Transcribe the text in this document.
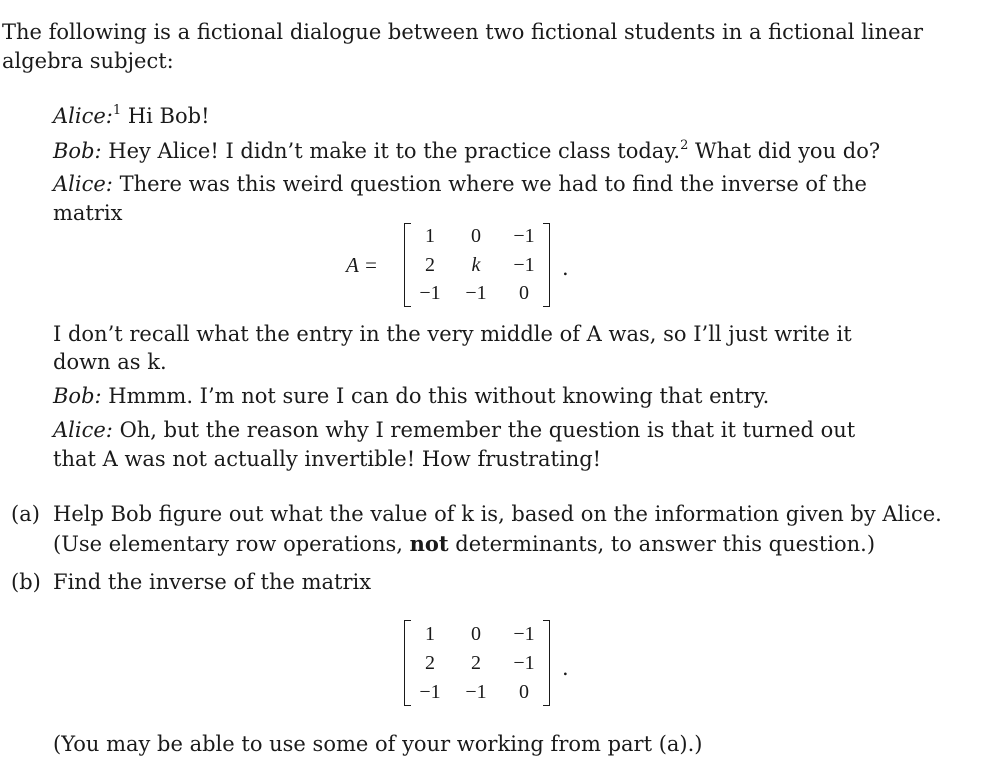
The following is a fictional dialogue between two fictional students in a fictional linear
algebra subject:
Alice:$^1$ Hi Bob!
Bob: Hey Alice! I didn’t make it to the practice class today.$^2$ What did you do?
Alice: There was this weird question where we had to find the inverse of the
matrix
A =
1	0	−1
2	k	−1
−1	−1	0
.
I don’t recall what the entry in the very middle of A was, so I’ll just write it
down as k.
Bob: Hmmm. I’m not sure I can do this without knowing that entry.
Alice: Oh, but the reason why I remember the question is that it turned out
that A was not actually invertible! How frustrating!
(a) Help Bob figure out what the value of k is, based on the information given by Alice.
(Use elementary row operations, not determinants, to answer this question.)
(b) Find the inverse of the matrix
1	0	−1
2	2	−1
−1	−1	0
.
(You may be able to use some of your working from part (a).)
